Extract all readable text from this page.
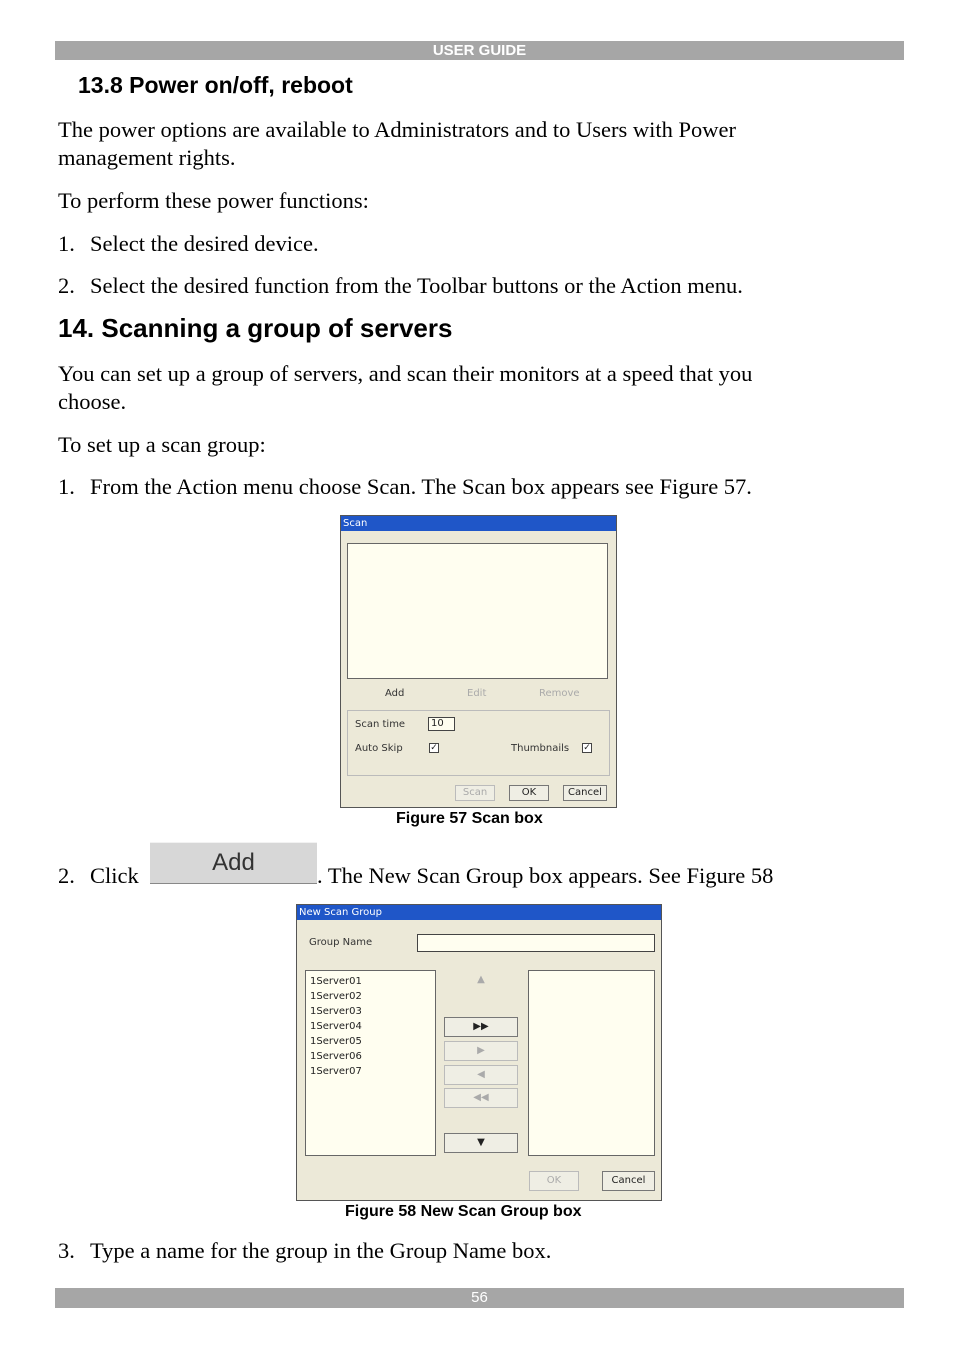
USER GUIDE
13.8 Power on/off, reboot
The power options are available to Administrators and to Users with Power
management rights.
To perform these power functions:
1. Select the desired device.
2. Select the desired function from the Toolbar buttons or the Action menu.
14. Scanning a group of servers
You can set up a group of servers, and scan their monitors at a speed that you
choose.
To set up a scan group:
1. From the Action menu choose Scan. The Scan box appears see Figure 57.
Scan
Add	Edit	Remove
Scan time	10
Auto Skip	✓	Thumbnails ✓
Scan	OK	Cancel
Figure 57 Scan box
2. Click	Add	. The New Scan Group box appears. See Figure 58
New Scan Group
Group Name
1Server01
1Server02
1Server03
1Server04
1Server05
1Server06
1Server07
▲
▶▶
▶
◀
◀◀
▼
OK	Cancel
Figure 58 New Scan Group box
3. Type a name for the group in the Group Name box.
56
